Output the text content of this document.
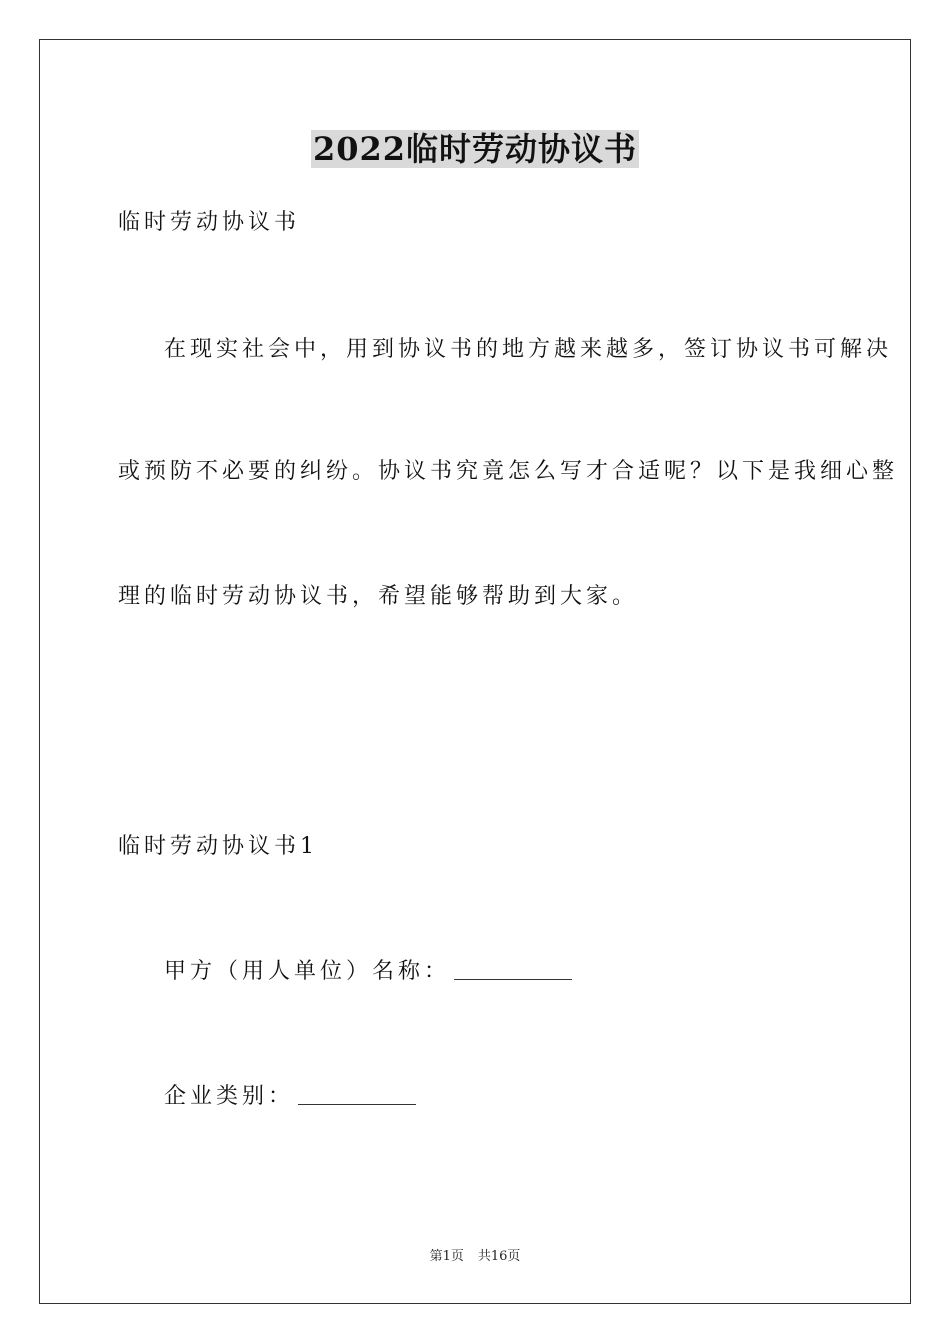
2022临时劳动协议书
临时劳动协议书
在现实社会中，用到协议书的地方越来越多，签订协议书可解决
或预防不必要的纠纷。协议书究竟怎么写才合适呢？以下是我细心整
理的临时劳动协议书，希望能够帮助到大家。
临时劳动协议书1
甲方（用人单位）名称：
企业类别：
第1页 共16页
